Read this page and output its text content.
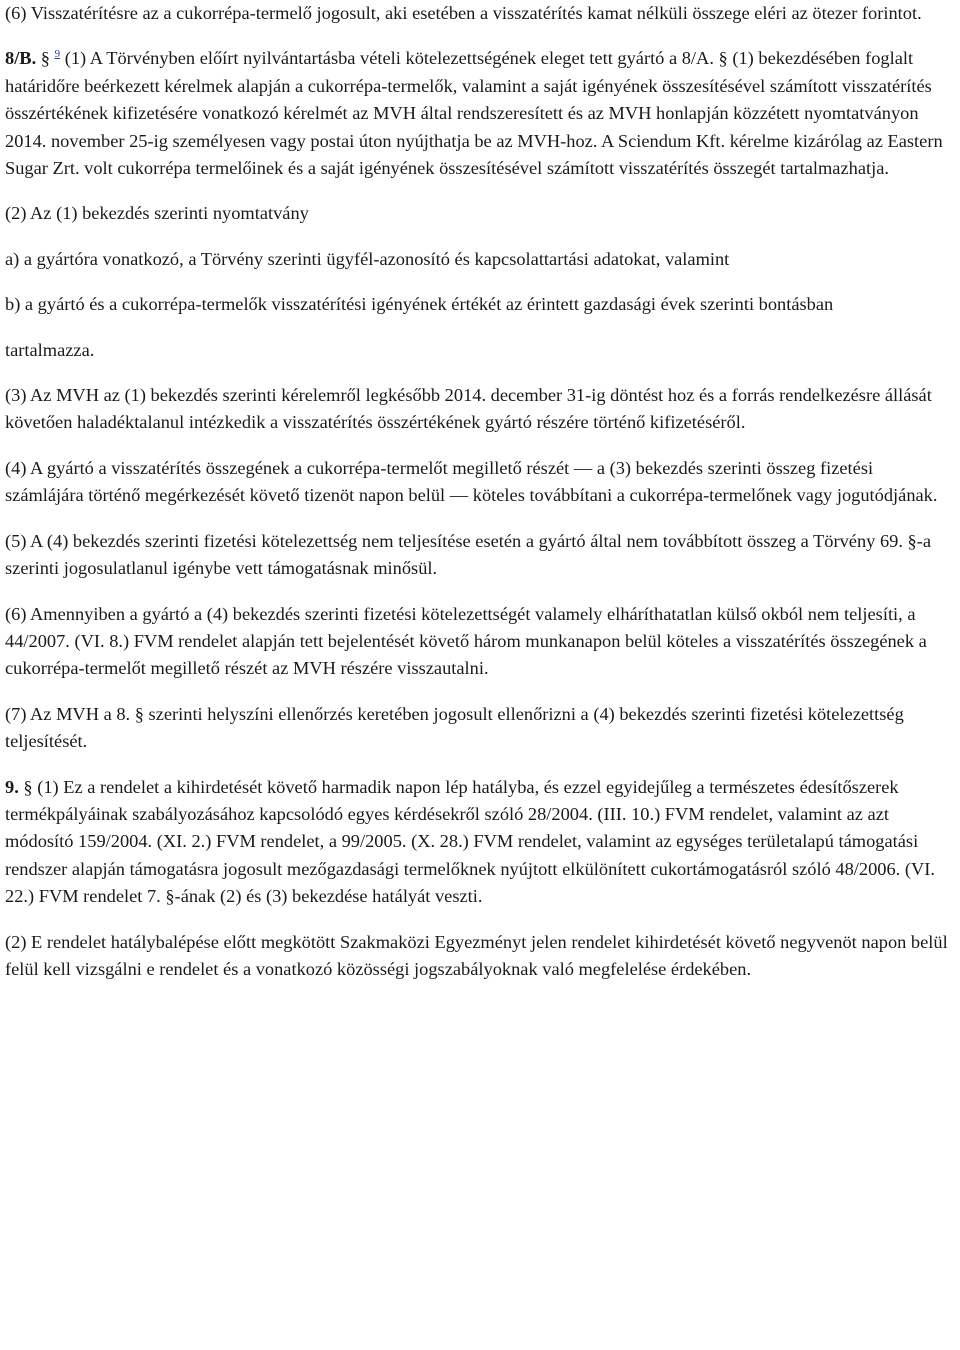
(6) Visszatérítésre az a cukorrépa-termelő jogosult, aki esetében a visszatérítés kamat nélküli összege eléri az ötezer forintot.

8/B. § $^9$ (1) A Törvényben előírt nyilvántartásba vételi kötelezettségének eleget tett gyártó a 8/A. § (1) bekezdésében foglalt határidőre beérkezett kérelmek alapján a cukorrépa-termelők, valamint a saját igényének összesítésével számított visszatérítés összértékének kifizetésére vonatkozó kérelmét az MVH által rendszeresített és az MVH honlapján közzétett nyomtatványon 2014. november 25-ig személyesen vagy postai úton nyújthatja be az MVH-hoz. A Sciendum Kft. kérelme kizárólag az Eastern Sugar Zrt. volt cukorrépa termelőinek és a saját igényének összesítésével számított visszatérítés összegét tartalmazhatja.

(2) Az (1) bekezdés szerinti nyomtatvány

a) a gyártóra vonatkozó, a Törvény szerinti ügyfél-azonosító és kapcsolattartási adatokat, valamint

b) a gyártó és a cukorrépa-termelők visszatérítési igényének értékét az érintett gazdasági évek szerinti bontásban

tartalmazza.

(3) Az MVH az (1) bekezdés szerinti kérelemről legkésőbb 2014. december 31-ig döntést hoz és a forrás rendelkezésre állását követően haladéktalanul intézkedik a visszatérítés összértékének gyártó részére történő kifizetéséről.

(4) A gyártó a visszatérítés összegének a cukorrépa-termelőt megillető részét — a (3) bekezdés szerinti összeg fizetési számlájára történő megérkezését követő tizenöt napon belül — köteles továbbítani a cukorrépa-termelőnek vagy jogutódjának.

(5) A (4) bekezdés szerinti fizetési kötelezettség nem teljesítése esetén a gyártó által nem továbbított összeg a Törvény 69. §-a szerinti jogosulatlanul igénybe vett támogatásnak minősül.

(6) Amennyiben a gyártó a (4) bekezdés szerinti fizetési kötelezettségét valamely elháríthatatlan külső okból nem teljesíti, a 44/2007. (VI. 8.) FVM rendelet alapján tett bejelentését követő három munkanapon belül köteles a visszatérítés összegének a cukorrépa-termelőt megillető részét az MVH részére visszautalni.

(7) Az MVH a 8. § szerinti helyszíni ellenőrzés keretében jogosult ellenőrizni a (4) bekezdés szerinti fizetési kötelezettség teljesítését.

9. § (1) Ez a rendelet a kihirdetését követő harmadik napon lép hatályba, és ezzel egyidejűleg a természetes édesítőszerek termékpályáinak szabályozásához kapcsolódó egyes kérdésekről szóló 28/2004. (III. 10.) FVM rendelet, valamint az azt módosító 159/2004. (XI. 2.) FVM rendelet, a 99/2005. (X. 28.) FVM rendelet, valamint az egységes területalapú támogatási rendszer alapján támogatásra jogosult mezőgazdasági termelőknek nyújtott elkülönített cukortámogatásról szóló 48/2006. (VI. 22.) FVM rendelet 7. §-ának (2) és (3) bekezdése hatályát veszti.

(2) E rendelet hatálybalépése előtt megkötött Szakmaközi Egyezményt jelen rendelet kihirdetését követő negyvenöt napon belül felül kell vizsgálni e rendelet és a vonatkozó közösségi jogszabályoknak való megfelelése érdekében.
